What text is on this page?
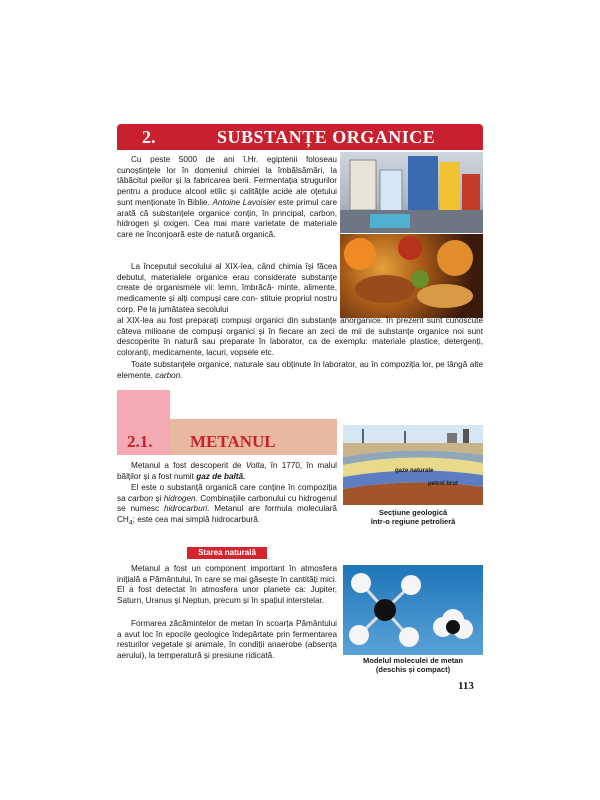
2.	SUBSTANȚE ORGANICE
Cu peste 5000 de ani î.Hr. egiptenii foloseau cunoștințele lor în domeniul chimiei la îmbălsămări, la tăbăcitul pieilor și la fabricarea berii. Fermentația strugurilor pentru a produce alcool etilic și calitățile acide ale oțetului sunt menționate în Biblie. Antoine Lavoisier este primul care arată că substanțele organice conțin, în principal, carbon, hidrogen și oxigen. Cea mai mare varietate de materiale care ne înconjoară este de natură organică.
La începutul secolului al XIX-lea, când chimia își făcea debutul, materialele organice erau considerate substanțe create de organismele vii: lemn, îmbrăcă- minte, alimente, medicamente și alți compuși care con- stituie propriul nostru corp. Pe la jumătatea secolului
al XIX-lea au fost preparați compuși organici din substanțe anorganice. În prezent sunt cunoscute câteva milioane de compuși organici și în fiecare an zeci de mii de substanțe organice noi sunt descoperite în natură sau preparate în laborator, ca de exemplu: materiale plastice, detergenți, coloranți, medicamente, lacuri, vopsele etc.
Toate substanțele organice, naturale sau obținute în laborator, au în compoziția lor, pe lângă alte elemente, carbon.
2.1. METANUL
gaze naturale
petrol brut
Secțiune geologică
într-o regiune petrolieră
Metanul a fost descoperit de Volta, în 1770, în malul bălților și a fost numit gaz de baltă.
El este o substanță organică care conține în compoziția sa carbon și hidrogen. Combinațiile carbonului cu hidrogenul se numesc hidrocarburi. Metanul are formula moleculară $CH_4$; este cea mai simplă hidrocarbură.
Starea naturală
Metanul a fost un component important în atmosfera inițială a Pământului, în care se mai găsește în cantități mici. El a fost detectat în atmosfera unor planete ca: Jupiter, Saturn, Uranus și Neptun, precum și în spațiul interstelar.
Formarea zăcămintelor de metan în scoarța Pământului a avut loc în epocile geologice îndepărtate prin fermentarea resturilor vegetale și animale, în condiții anaerobe (absența aerului), la temperatură și presiune ridicată.
Modelul moleculei de metan
(deschis și compact)
113
